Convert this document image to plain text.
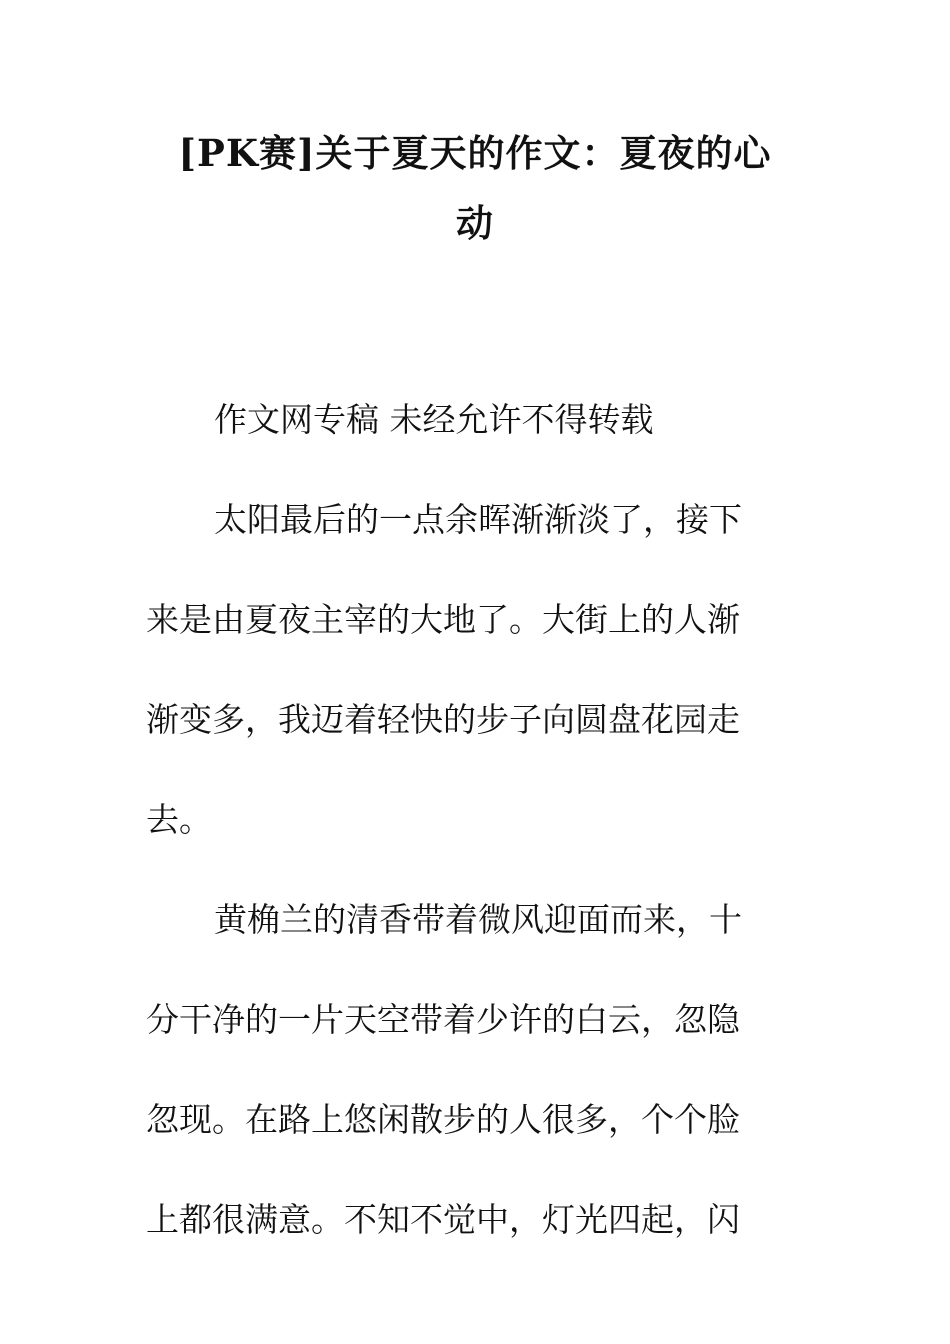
[PK赛]关于夏天的作文：夏夜的心
动
作文网专稿 未经允许不得转载
太阳最后的一点余晖渐渐淡了，接下
来是由夏夜主宰的大地了。大街上的人渐
渐变多，我迈着轻快的步子向圆盘花园走
去。
黄桷兰的清香带着微风迎面而来，十
分干净的一片天空带着少许的白云，忽隐
忽现。在路上悠闲散步的人很多，个个脸
上都很满意。不知不觉中，灯光四起，闪
